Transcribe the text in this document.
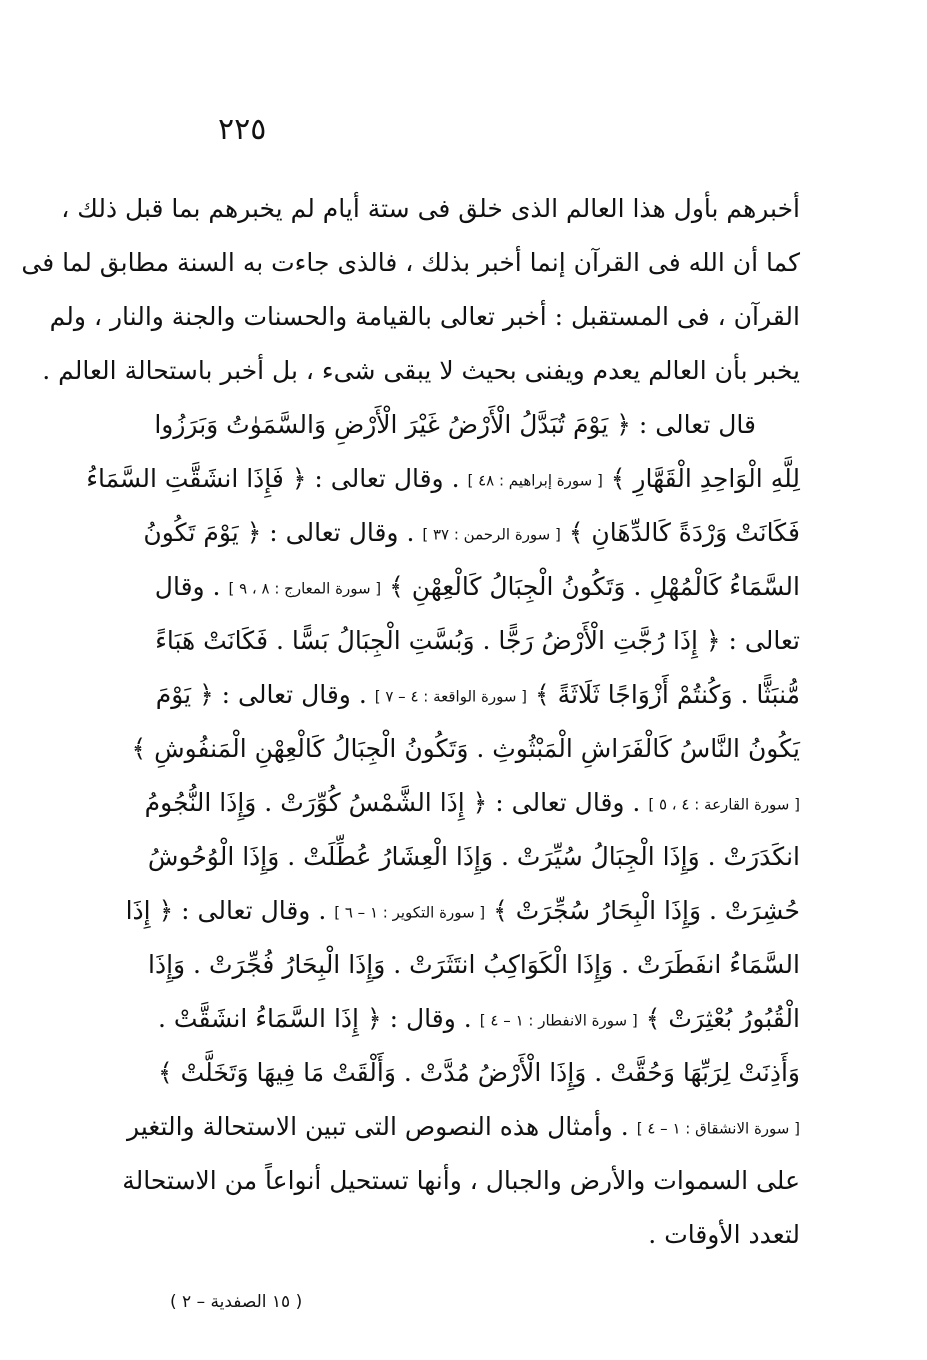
٢٢٥
أخبرهم بأول هذا العالم الذى خلق فى ستة أيام لم يخبرهم بما قبل ذلك ،
كما أن الله فى القرآن إنما أخبر بذلك ، فالذى جاءت به السنة مطابق لما فى
القرآن ، فى المستقبل : أخبر تعالى بالقيامة والحسنات والجنة والنار ، ولم
يخبر بأن العالم يعدم ويفنى بحيث لا يبقى شىء ، بل أخبر باستحالة العالم .
قال تعالى : ﴿ يَوْمَ تُبَدَّلُ الْأَرْضُ غَيْرَ الْأَرْضِ وَالسَّمَوٰتُ وَبَرَزُوا
لِلَّهِ الْوَاحِدِ الْقَهَّارِ ﴾ [ سورة إبراهيم : ٤٨ ] . وقال تعالى : ﴿ فَإِذَا انشَقَّتِ السَّمَاءُ
فَكَانَتْ وَرْدَةً كَالدِّهَانِ ﴾ [ سورة الرحمن : ٣٧ ] . وقال تعالى : ﴿ يَوْمَ تَكُونُ
السَّمَاءُ كَالْمُهْلِ . وَتَكُونُ الْجِبَالُ كَالْعِهْنِ ﴾ [ سورة المعارج : ٨ ، ٩ ] . وقال
تعالى : ﴿ إِذَا رُجَّتِ الْأَرْضُ رَجًّا . وَبُسَّتِ الْجِبَالُ بَسًّا . فَكَانَتْ هَبَاءً
مُّنبَثًّا . وَكُنتُمْ أَزْوَاجًا ثَلَاثَةً ﴾ [ سورة الواقعة : ٤ – ٧ ] . وقال تعالى : ﴿ يَوْمَ
يَكُونُ النَّاسُ كَالْفَرَاشِ الْمَبْثُوثِ . وَتَكُونُ الْجِبَالُ كَالْعِهْنِ الْمَنفُوشِ ﴾
[ سورة القارعة : ٤ ، ٥ ] . وقال تعالى : ﴿ إِذَا الشَّمْسُ كُوِّرَتْ . وَإِذَا النُّجُومُ
انكَدَرَتْ . وَإِذَا الْجِبَالُ سُيِّرَتْ . وَإِذَا الْعِشَارُ عُطِّلَتْ . وَإِذَا الْوُحُوشُ
حُشِرَتْ . وَإِذَا الْبِحَارُ سُجِّرَتْ ﴾ [ سورة التكوير : ١ – ٦ ] . وقال تعالى : ﴿ إِذَا
السَّمَاءُ انفَطَرَتْ . وَإِذَا الْكَوَاكِبُ انتَثَرَتْ . وَإِذَا الْبِحَارُ فُجِّرَتْ . وَإِذَا
الْقُبُورُ بُعْثِرَتْ ﴾ [ سورة الانفطار : ١ – ٤ ] . وقال : ﴿ إِذَا السَّمَاءُ انشَقَّتْ .
وَأَذِنَتْ لِرَبِّهَا وَحُقَّتْ . وَإِذَا الْأَرْضُ مُدَّتْ . وَأَلْقَتْ مَا فِيهَا وَتَخَلَّتْ ﴾
[ سورة الانشقاق : ١ – ٤ ] . وأمثال هذه النصوص التى تبين الاستحالة والتغير
على السموات والأرض والجبال ، وأنها تستحيل أنواعاً من الاستحالة
لتعدد الأوقات .
( ١٥ الصفدية – ٢ )
